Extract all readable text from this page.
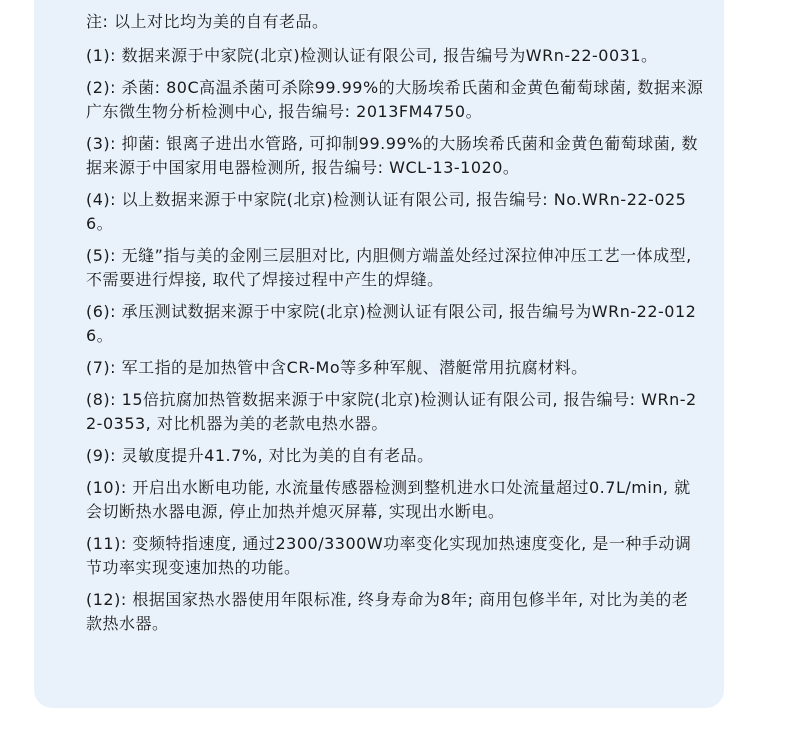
注: 以上对比均为美的自有老品。

(1): 数据来源于中家院(北京)检测认证有限公司, 报告编号为WRn-22-0031。

(2): 杀菌: 80C高温杀菌可杀除99.99%的大肠埃希氏菌和金黄色葡萄球菌, 数据来源广东微生物分析检测中心, 报告编号: 2013FM4750。

(3): 抑菌: 银离子进出水管路, 可抑制99.99%的大肠埃希氏菌和金黄色葡萄球菌, 数据来源于中国家用电器检测所, 报告编号: WCL-13-1020。

(4): 以上数据来源于中家院(北京)检测认证有限公司, 报告编号: No.WRn-22-0256。

(5): 无缝”指与美的金刚三层胆对比, 内胆侧方端盖处经过深拉伸冲压工艺一体成型, 不需要进行焊接, 取代了焊接过程中产生的焊缝。

(6): 承压测试数据来源于中家院(北京)检测认证有限公司, 报告编号为WRn-22-0126。

(7): 军工指的是加热管中含CR-Mo等多种军舰、潜艇常用抗腐材料。

(8): 15倍抗腐加热管数据来源于中家院(北京)检测认证有限公司, 报告编号: WRn-22-0353, 对比机器为美的老款电热水器。

(9): 灵敏度提升41.7%, 对比为美的自有老品。

(10): 开启出水断电功能, 水流量传感器检测到整机进水口处流量超过0.7L/min, 就会切断热水器电源, 停止加热并熄灭屏幕, 实现出水断电。

(11): 变频特指速度, 通过2300/3300W功率变化实现加热速度变化, 是一种手动调节功率实现变速加热的功能。

(12): 根据国家热水器使用年限标准, 终身寿命为8年; 商用包修半年, 对比为美的老款热水器。
